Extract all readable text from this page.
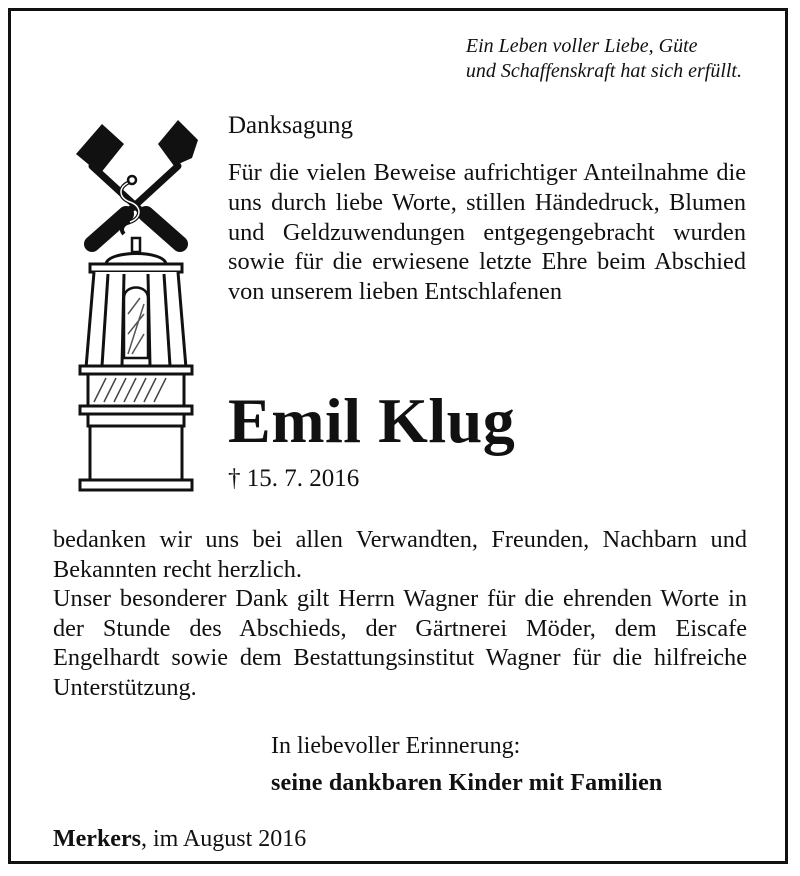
Ein Leben voller Liebe, Güte
und Schaffenskraft hat sich erfüllt.
Danksagung

Für die vielen Beweise aufrichtiger Anteilnahme die uns durch liebe Worte, stillen Händedruck, Blumen und Geldzuwendungen entgegengebracht wurden sowie für die erwiesene letzte Ehre beim Abschied von unserem lieben Entschlafenen

Emil Klug
† 15. 7. 2016

bedanken wir uns bei allen Verwandten, Freunden, Nachbarn und Bekannten recht herzlich.

Unser besonderer Dank gilt Herrn Wagner für die ehrenden Worte in der Stunde des Abschieds, der Gärtnerei Möder, dem Eiscafe Engelhardt sowie dem Bestattungsinstitut Wagner für die hilfreiche Unterstützung.

In liebevoller Erinnerung:
seine dankbaren Kinder mit Familien
Merkers, im August 2016
